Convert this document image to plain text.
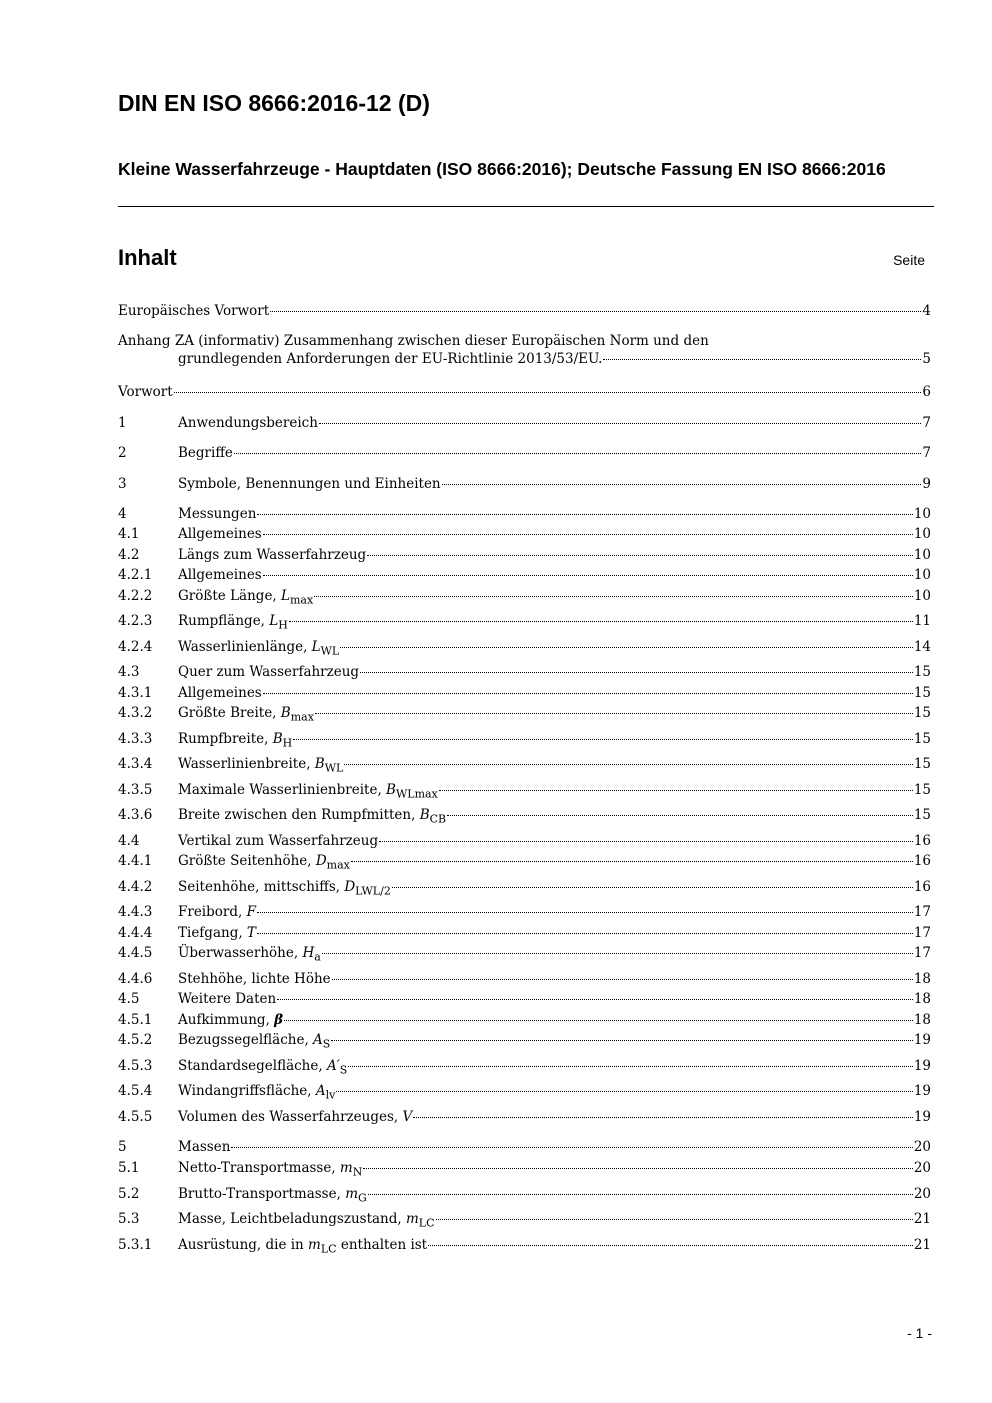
DIN EN ISO 8666:2016-12 (D)
Kleine Wasserfahrzeuge - Hauptdaten (ISO 8666:2016); Deutsche Fassung EN ISO 8666:2016
Inhalt	Seite
Europäisches Vorwort	4
Anhang ZA (informativ) Zusammenhang zwischen dieser Europäischen Norm und den
grundlegenden Anforderungen der EU-Richtlinie 2013/53/EU.	5
Vorwort	6
1	Anwendungsbereich	7
2	Begriffe	7
3	Symbole, Benennungen und Einheiten	9
4	Messungen	10
4.1	Allgemeines	10
4.2	Längs zum Wasserfahrzeug	10
4.2.1	Allgemeines	10
4.2.2	Größte Länge, $L_{max}$	10
4.2.3	Rumpflänge, $L_H$	11
4.2.4	Wasserlinienlänge, $L_{WL}$	14
4.3	Quer zum Wasserfahrzeug	15
4.3.1	Allgemeines	15
4.3.2	Größte Breite, $B_{max}$	15
4.3.3	Rumpfbreite, $B_H$	15
4.3.4	Wasserlinienbreite, $B_{WL}$	15
4.3.5	Maximale Wasserlinienbreite, $B_{WLmax}$	15
4.3.6	Breite zwischen den Rumpfmitten, $B_{CB}$	15
4.4	Vertikal zum Wasserfahrzeug	16
4.4.1	Größte Seitenhöhe, $D_{max}$	16
4.4.2	Seitenhöhe, mittschiffs, $D_{LWL/2}$	16
4.4.3	Freibord, F	17
4.4.4	Tiefgang, T	17
4.4.5	Überwasserhöhe, $H_a$	17
4.4.6	Stehhöhe, lichte Höhe	18
4.5	Weitere Daten	18
4.5.1	Aufkimmung, β	18
4.5.2	Bezugssegelfläche, $A_S$	19
4.5.3	Standardsegelfläche, $A'_S$	19
4.5.4	Windangriffsfläche, $A_{lv}$	19
4.5.5	Volumen des Wasserfahrzeuges, V	19
5	Massen	20
5.1	Netto-Transportmasse, $m_N$	20
5.2	Brutto-Transportmasse, $m_G$	20
5.3	Masse, Leichtbeladungszustand, $m_{LC}$	21
5.3.1	Ausrüstung, die in $m_{LC}$ enthalten ist	21
- 1 -
